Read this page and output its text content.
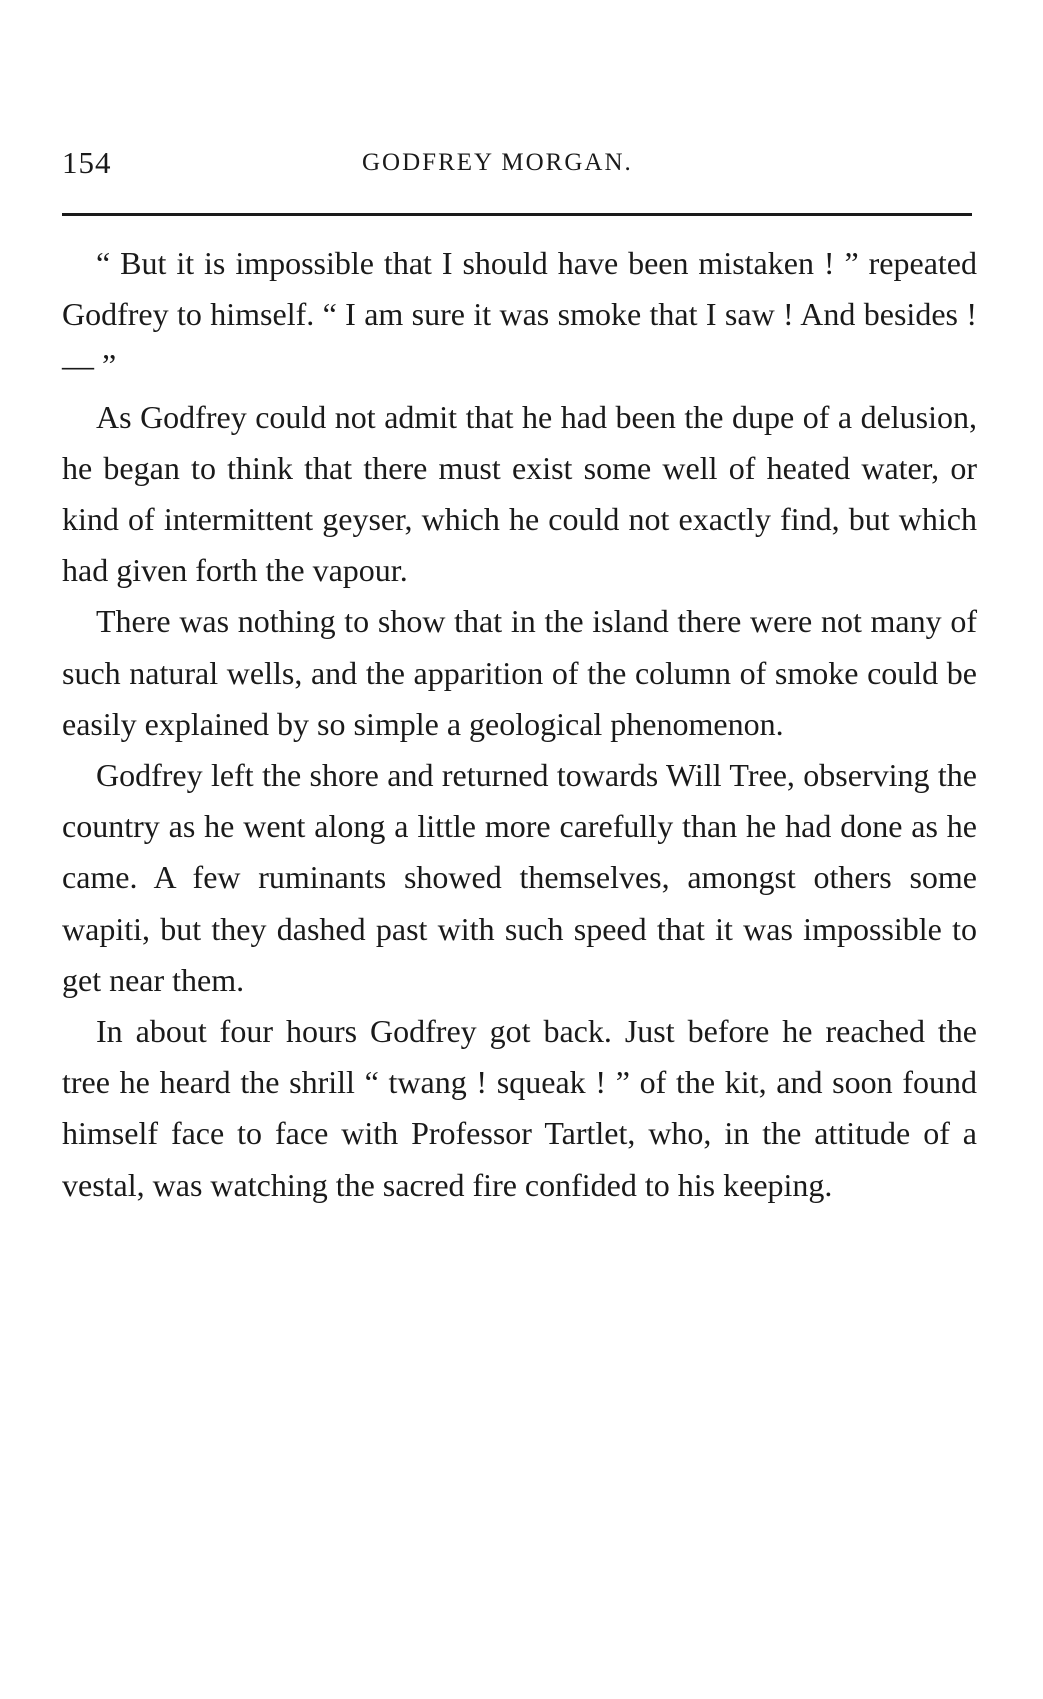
154	GODFREY MORGAN.

“ But it is impossible that I should have been mistaken ! ” repeated Godfrey to himself. “ I am sure it was smoke that I saw ! And besides !— ”

As Godfrey could not admit that he had been the dupe of a delusion, he began to think that there must exist some well of heated water, or kind of intermittent geyser, which he could not exactly find, but which had given forth the vapour.

There was nothing to show that in the island there were not many of such natural wells, and the apparition of the column of smoke could be easily explained by so simple a geological phenomenon.

Godfrey left the shore and returned towards Will Tree, observing the country as he went along a little more carefully than he had done as he came. A few ruminants showed themselves, amongst others some wapiti, but they dashed past with such speed that it was impossible to get near them.

In about four hours Godfrey got back. Just before he reached the tree he heard the shrill “ twang ! squeak ! ” of the kit, and soon found himself face to face with Professor Tartlet, who, in the attitude of a vestal, was watching the sacred fire confided to his keeping.
